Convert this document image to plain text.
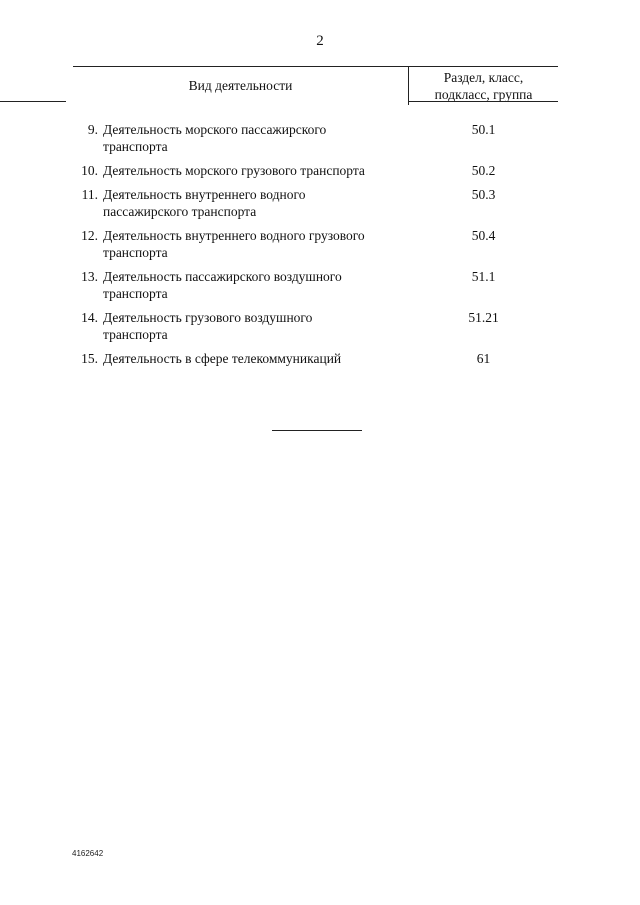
2
Вид деятельности
Раздел, класс,
подкласс, группа
9. Деятельность морского пассажирского
транспорта
50.1
10. Деятельность морского грузового транспорта	50.2
11. Деятельность внутреннего водного
пассажирского транспорта
50.3
12. Деятельность внутреннего водного грузового
транспорта
50.4
13. Деятельность пассажирского воздушного
транспорта
51.1
14. Деятельность грузового воздушного
транспорта
51.21
15. Деятельность в сфере телекоммуникаций	61
4162642
